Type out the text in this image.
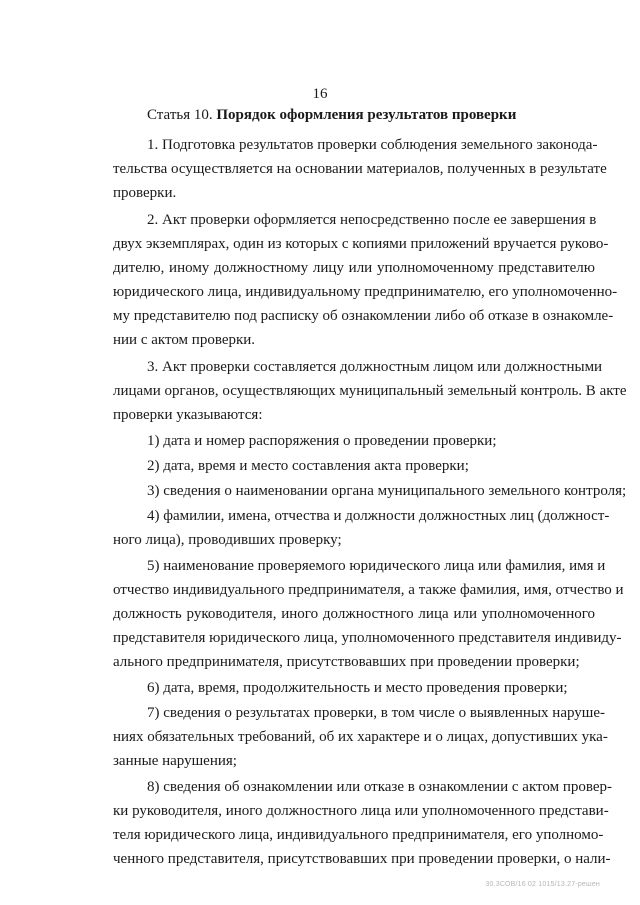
16
Статья 10. Порядок оформления результатов проверки
1. Подготовка результатов проверки соблюдения земельного законода-
тельства осуществляется на основании материалов, полученных в результате
проверки.
2. Акт проверки оформляется непосредственно после ее завершения в
двух экземплярах, один из которых с копиями приложений вручается руково-
дителю, иному должностному лицу или уполномоченному представителю
юридического лица, индивидуальному предпринимателю, его уполномоченно-
му представителю под расписку об ознакомлении либо об отказе в ознакомле-
нии с актом проверки.
3. Акт проверки составляется должностным лицом или должностными
лицами органов, осуществляющих муниципальный земельный контроль. В акте
проверки указываются:
1) дата и номер распоряжения о проведении проверки;
2) дата, время и место составления акта проверки;
3) сведения о наименовании органа муниципального земельного контроля;
4) фамилии, имена, отчества и должности должностных лиц (должност-
ного лица), проводивших проверку;
5) наименование проверяемого юридического лица или фамилия, имя и
отчество индивидуального предпринимателя, а также фамилия, имя, отчество и
должность руководителя, иного должностного лица или уполномоченного
представителя юридического лица, уполномоченного представителя индивиду-
ального предпринимателя, присутствовавших при проведении проверки;
6) дата, время, продолжительность и место проведения проверки;
7) сведения о результатах проверки, в том числе о выявленных наруше-
ниях обязательных требований, об их характере и о лицах, допустивших ука-
занные нарушения;
8) сведения об ознакомлении или отказе в ознакомлении с актом провер-
ки руководителя, иного должностного лица или уполномоченного представи-
теля юридического лица, индивидуального предпринимателя, его уполномо-
ченного представителя, присутствовавших при проведении проверки, о нали-
30.3СОВ/16 02 1015/13.27-решен
